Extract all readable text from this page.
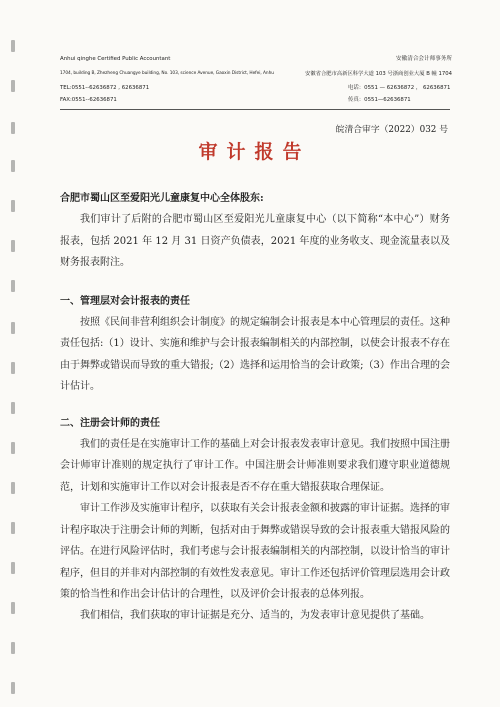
Anhui qinghe Certified Public Accountant	安徽清合会计师事务所
1704, building B, Zhezheng Chuangye building, No. 103, science Avenue, Gaoxin District, Hefei, Anhu	安徽省合肥市高新区科学大道 103 号浙商创业大厦 B 幢 1704
TEL:0551--62636872 , 62636871
FAX:0551--62636871
电话：0551 — 62636872 ， 62636871
传真：0551—62636871
皖清合审字（2022）032 号
审计报告
合肥市蜀山区至爱阳光儿童康复中心全体股东:
我们审计了后附的合肥市蜀山区至爱阳光儿童康复中心（以下简称“本中心”）财务报表，包括 2021 年 12 月 31 日资产负债表，2021 年度的业务收支、现金流量表以及财务报表附注。
一、管理层对会计报表的责任
按照《民间非营利组织会计制度》的规定编制会计报表是本中心管理层的责任。这种责任包括:（1）设计、实施和维护与会计报表编制相关的内部控制，以使会计报表不存在由于舞弊或错误而导致的重大错报;（2）选择和运用恰当的会计政策;（3）作出合理的会计估计。
二、注册会计师的责任
我们的责任是在实施审计工作的基础上对会计报表发表审计意见。我们按照中国注册会计师审计准则的规定执行了审计工作。中国注册会计师准则要求我们遵守职业道德规范，计划和实施审计工作以对会计报表是否不存在重大错报获取合理保证。
审计工作涉及实施审计程序，以获取有关会计报表金额和披露的审计证据。选择的审计程序取决于注册会计师的判断，包括对由于舞弊或错误导致的会计报表重大错报风险的评估。在进行风险评估时，我们考虑与会计报表编制相关的内部控制，以设计恰当的审计程序，但目的并非对内部控制的有效性发表意见。审计工作还包括评价管理层选用会计政策的恰当性和作出会计估计的合理性，以及评价会计报表的总体列报。
我们相信，我们获取的审计证据是充分、适当的，为发表审计意见提供了基础。
